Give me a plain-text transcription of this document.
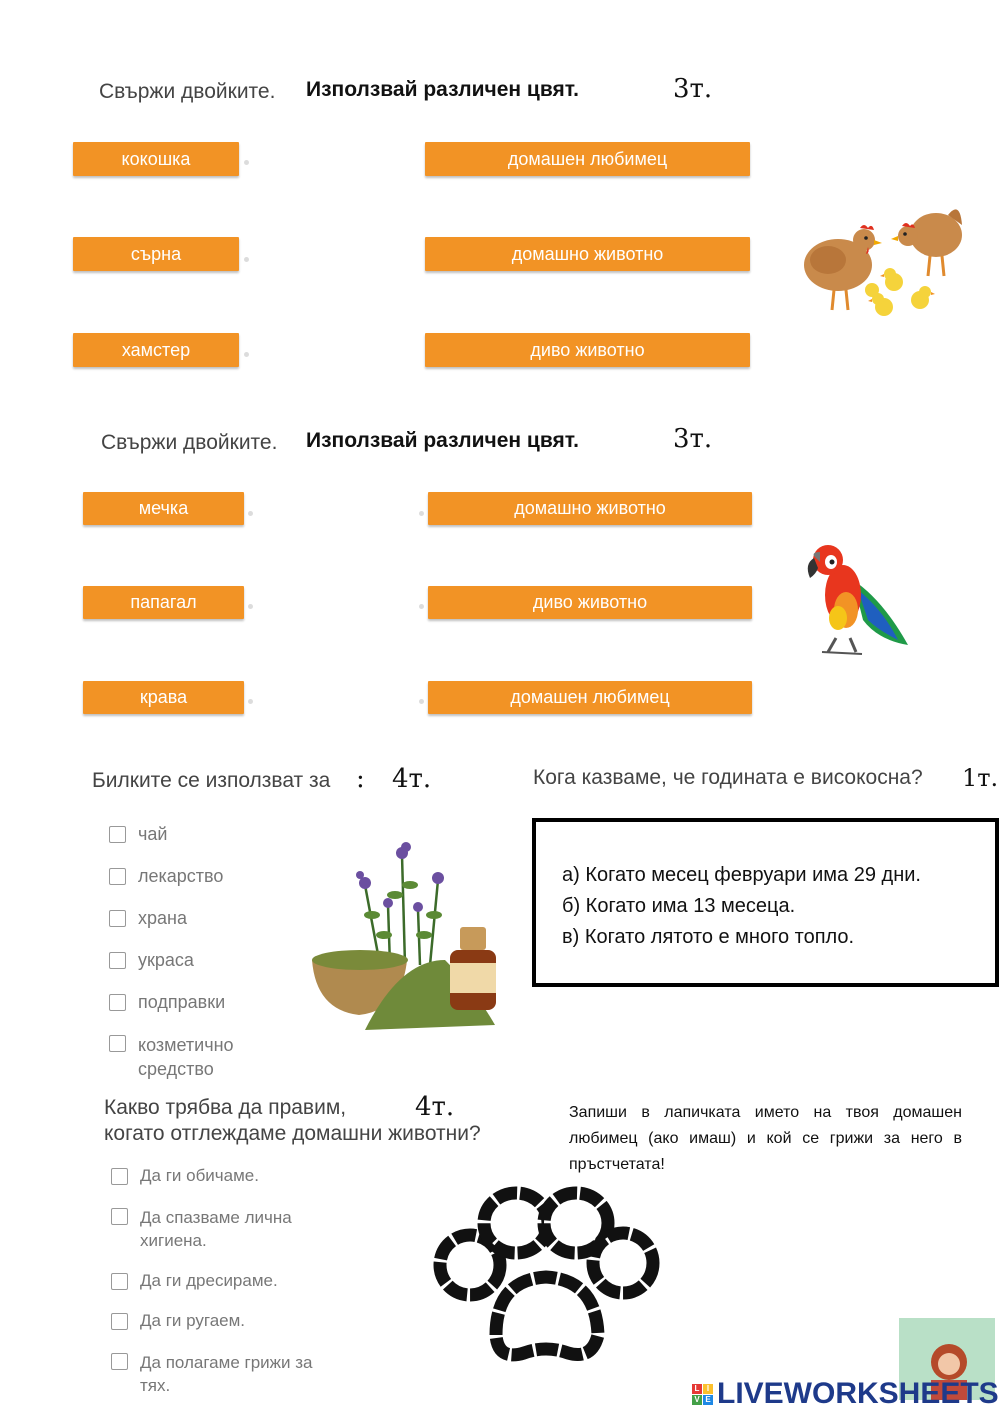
Свържи двойките. Използвай различен цвят.	3т.
кокошка
сърна
хамстер
домашен любимец
домашно животно
диво животно
Свържи двойките. Използвай различен цвят.	3т.
мечка
папагал
крава
домашно животно
диво животно
домашен любимец
Билките се използват за : 4т.
чай
лекарство
храна
украса
подправки
козметично средство
Кога казваме, че годината е високосна? 1т.
а) Когато месец февруари има 29 дни.
б) Когато има 13 месеца.
в) Когато лятото е много топло.
Какво трябва да правим,
когато отглеждаме домашни животни?
4т.
Да ги обичаме.
Да спазваме лична хигиена.
Да ги дресираме.
Да ги ругаем.
Да полагаме грижи за тях.
Запиши в лапичката името на твоя домашен любимец (ако имаш) и кой се грижи за него в пръстчетата!
L I
V E LIVEWORKSHEETS
